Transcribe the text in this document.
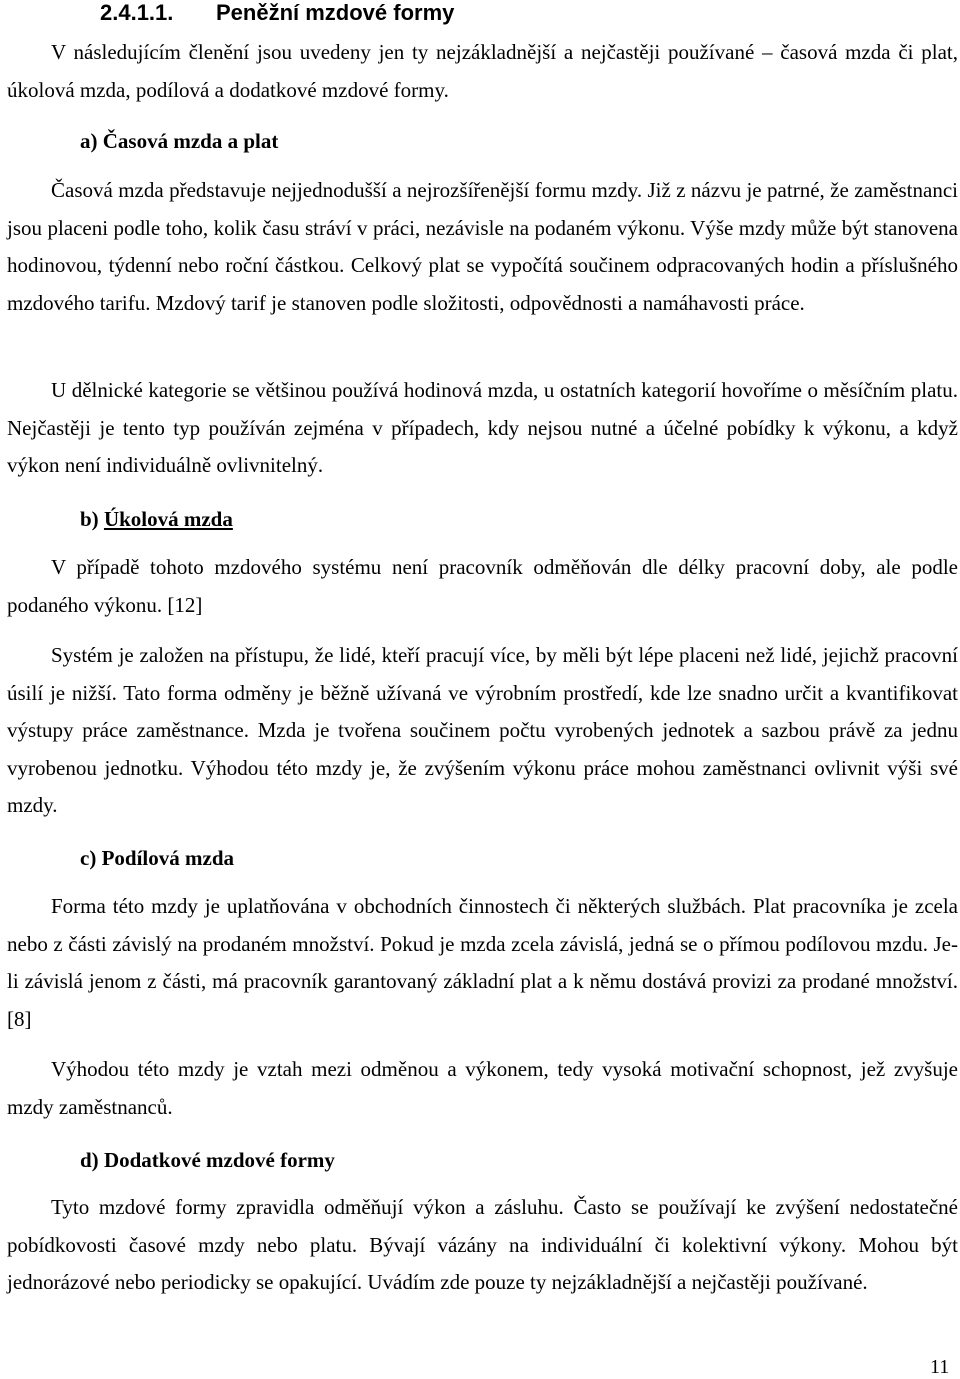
2.4.1.1. Peněžní mzdové formy

V následujícím členění jsou uvedeny jen ty nejzákladnější a nejčastěji používané – časová mzda či plat, úkolová mzda, podílová a dodatkové mzdové formy.

a) Časová mzda a plat

Časová mzda představuje nejjednodušší a nejrozšířenější formu mzdy. Již z názvu je patrné, že zaměstnanci jsou placeni podle toho, kolik času stráví v práci, nezávisle na podaném výkonu. Výše mzdy může být stanovena hodinovou, týdenní nebo roční částkou. Celkový plat se vypočítá součinem odpracovaných hodin a příslušného mzdového tarifu. Mzdový tarif je stanoven podle složitosti, odpovědnosti a namáhavosti práce.

U dělnické kategorie se většinou používá hodinová mzda, u ostatních kategorií hovoříme o měsíčním platu. Nejčastěji je tento typ používán zejména v případech, kdy nejsou nutné a účelné pobídky k výkonu, a když výkon není individuálně ovlivnitelný.

b) Úkolová mzda

V případě tohoto mzdového systému není pracovník odměňován dle délky pracovní doby, ale podle podaného výkonu. [12]

Systém je založen na přístupu, že lidé, kteří pracují více, by měli být lépe placeni než lidé, jejichž pracovní úsilí je nižší. Tato forma odměny je běžně užívaná ve výrobním prostředí, kde lze snadno určit a kvantifikovat výstupy práce zaměstnance. Mzda je tvořena součinem počtu vyrobených jednotek a sazbou právě za jednu vyrobenou jednotku. Výhodou této mzdy je, že zvýšením výkonu práce mohou zaměstnanci ovlivnit výši své mzdy.

c) Podílová mzda

Forma této mzdy je uplatňována v obchodních činnostech či některých službách. Plat pracovníka je zcela nebo z části závislý na prodaném množství. Pokud je mzda zcela závislá, jedná se o přímou podílovou mzdu. Je-li závislá jenom z části, má pracovník garantovaný základní plat a k němu dostává provizi za prodané množství. [8]

Výhodou této mzdy je vztah mezi odměnou a výkonem, tedy vysoká motivační schopnost, jež zvyšuje mzdy zaměstnanců.

d) Dodatkové mzdové formy

Tyto mzdové formy zpravidla odměňují výkon a zásluhu. Často se používají ke zvýšení nedostatečné pobídkovosti časové mzdy nebo platu. Bývají vázány na individuální či kolektivní výkony. Mohou být jednorázové nebo periodicky se opakující. Uvádím zde pouze ty nejzákladnější a nejčastěji používané.

11
